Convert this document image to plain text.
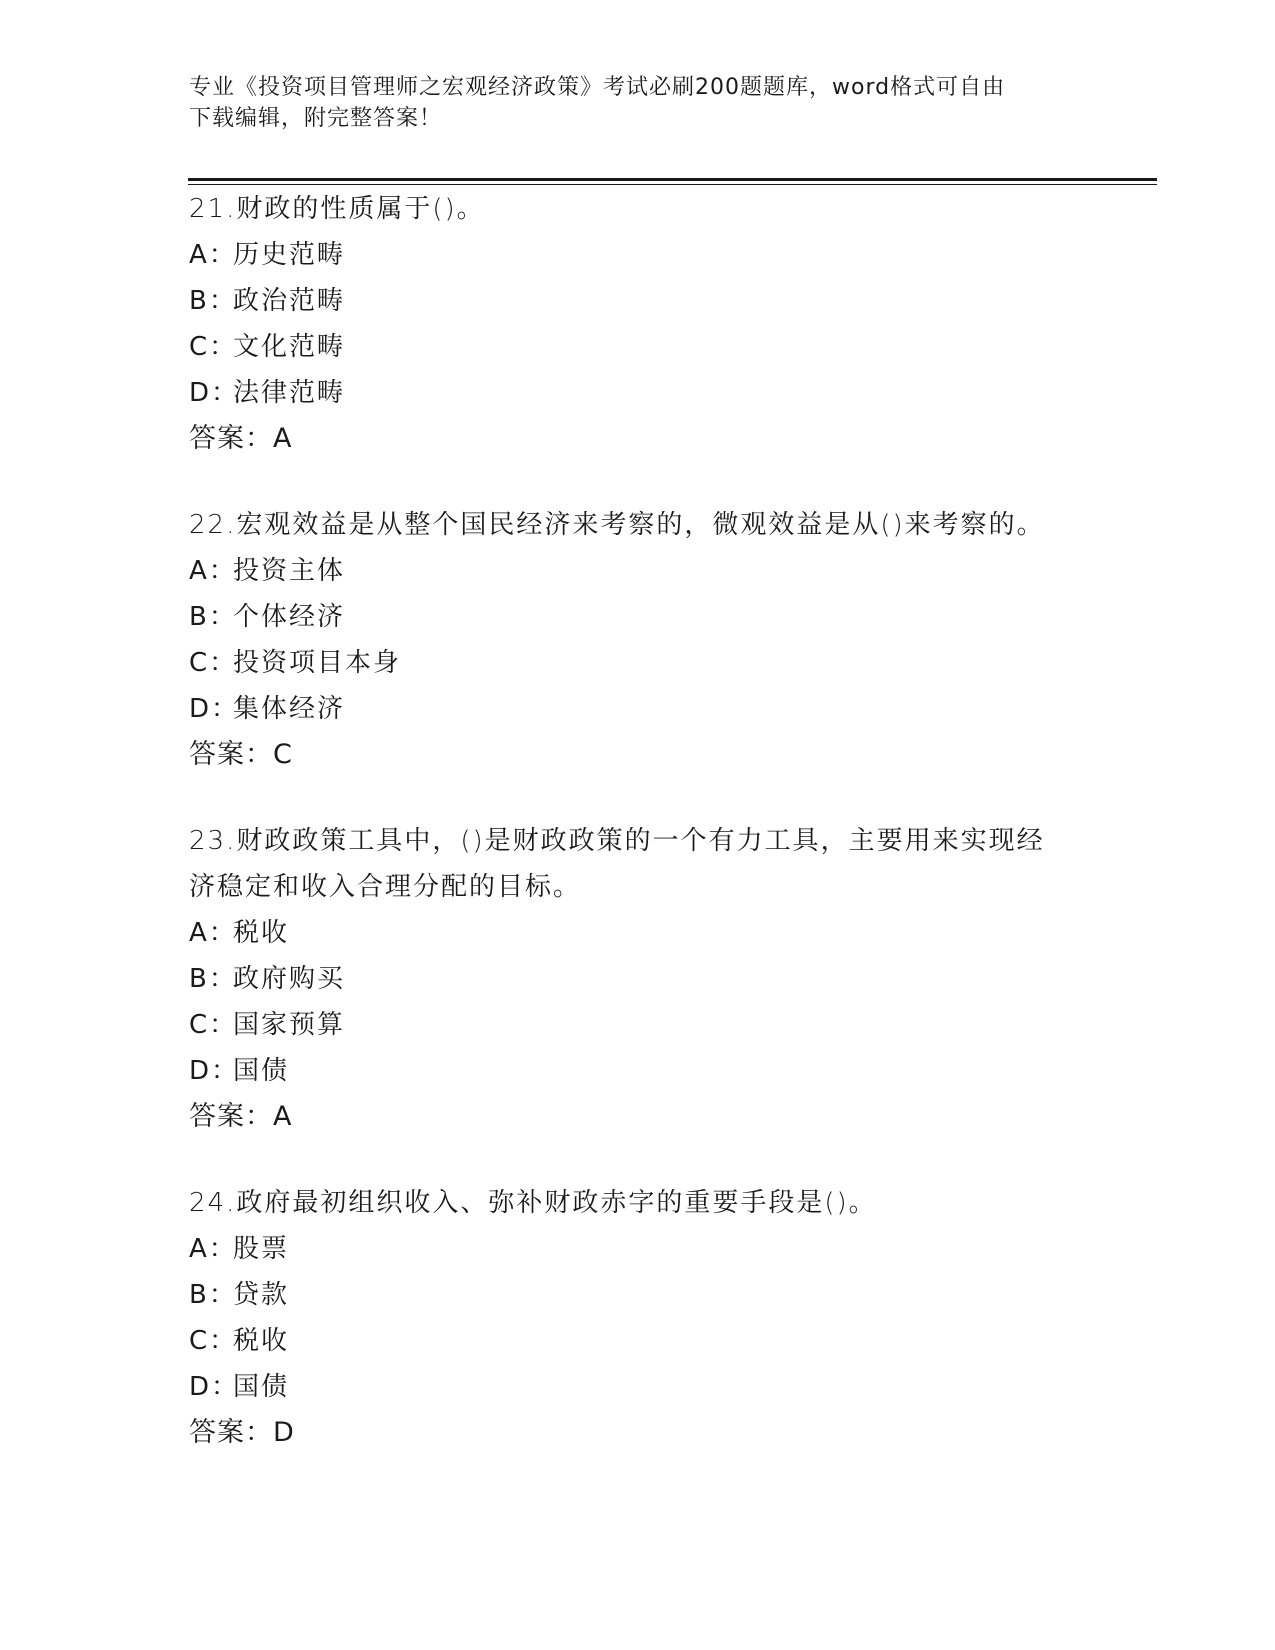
专业《投资项目管理师之宏观经济政策》考试必刷200题题库，word格式可自由
下载编辑，附完整答案！

21.财政的性质属于()。

A：历史范畴

B：政治范畴

C：文化范畴

D：法律范畴

答案：A

22.宏观效益是从整个国民经济来考察的，微观效益是从()来考察的。

A：投资主体

B：个体经济

C：投资项目本身

D：集体经济

答案：C

23.财政政策工具中，()是财政政策的一个有力工具，主要用来实现经

济稳定和收入合理分配的目标。

A：税收

B：政府购买

C：国家预算

D：国债

答案：A

24.政府最初组织收入、弥补财政赤字的重要手段是()。

A：股票

B：贷款

C：税收

D：国债

答案：D
